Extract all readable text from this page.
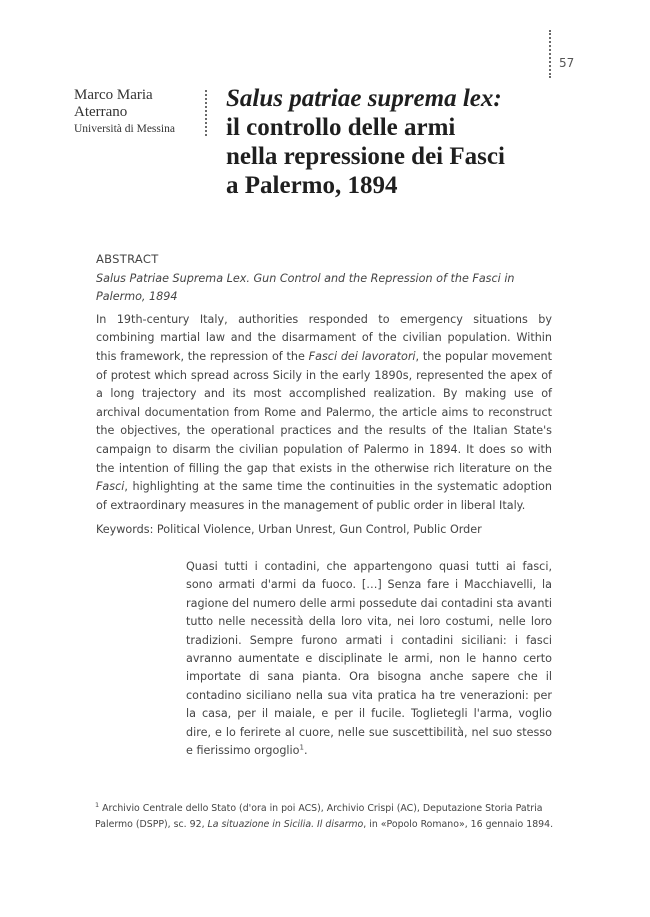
57
Marco Maria
Aterrano
Università di Messina
Salus patriae suprema lex:
il controllo delle armi
nella repressione dei Fasci
a Palermo, 1894
ABSTRACT
Salus Patriae Suprema Lex. Gun Control and the Repression of the Fasci in Palermo, 1894

In 19th-century Italy, authorities responded to emergency situations by combining martial law and the disarmament of the civilian population. Within this framework, the repression of the Fasci dei lavoratori, the popular movement of protest which spread across Sicily in the early 1890s, represented the apex of a long trajectory and its most accomplished realization. By making use of archival documentation from Rome and Palermo, the article aims to reconstruct the objectives, the operational practices and the results of the Italian State's campaign to disarm the civilian population of Palermo in 1894. It does so with the intention of filling the gap that exists in the otherwise rich literature on the Fasci, highlighting at the same time the continuities in the systematic adoption of extraordinary measures in the management of public order in liberal Italy.

Keywords: Political Violence, Urban Unrest, Gun Control, Public Order

Quasi tutti i contadini, che appartengono quasi tutti ai fasci, sono armati d'armi da fuoco. […] Senza fare i Macchiavelli, la ragione del numero delle armi possedute dai contadini sta avanti tutto nelle necessità della loro vita, nei loro costumi, nelle loro tradizioni. Sempre furono armati i contadini siciliani: i fasci avranno aumentate e disciplinate le armi, non le hanno certo importate di sana pianta. Ora bisogna anche sapere che il contadino siciliano nella sua vita pratica ha tre venerazioni: per la casa, per il maiale, e per il fucile. Toglietegli l'arma, voglio dire, e lo ferirete al cuore, nelle sue suscettibilità, nel suo stesso e fierissimo orgoglio$^1$.

$^1$ Archivio Centrale dello Stato (d'ora in poi ACS), Archivio Crispi (AC), Deputazione Storia Patria Palermo (DSPP), sc. 92, La situazione in Sicilia. Il disarmo, in «Popolo Romano», 16 gennaio 1894.
